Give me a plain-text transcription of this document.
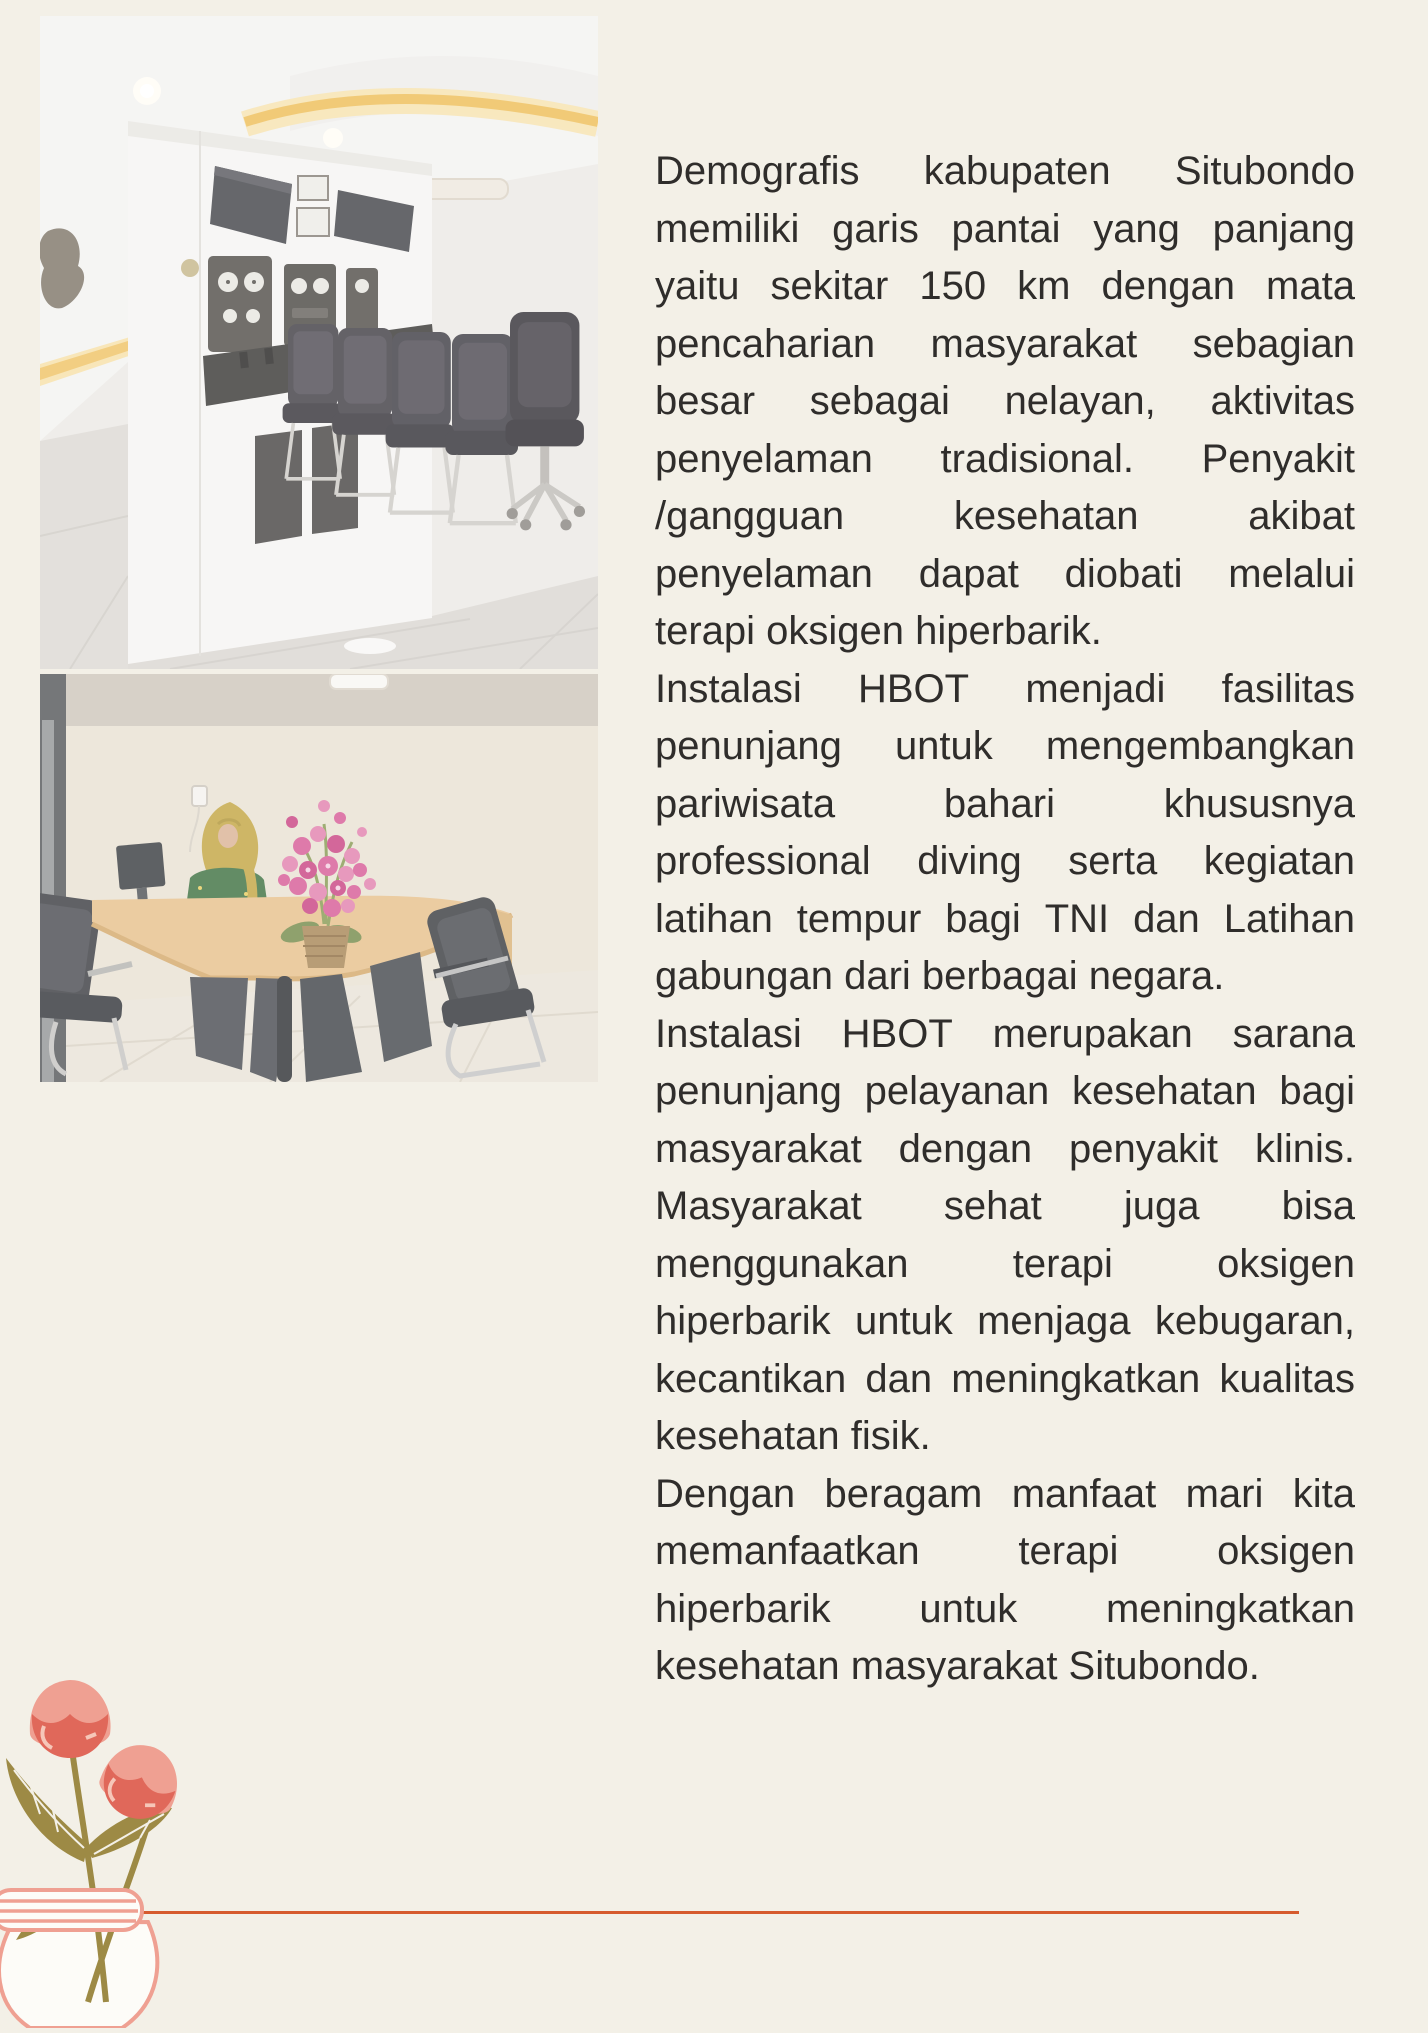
Demografis kabupaten Situbondo
memiliki garis pantai yang panjang
yaitu sekitar 150 km dengan mata
pencaharian masyarakat sebagian
besar sebagai nelayan, aktivitas
penyelaman tradisional. Penyakit
/gangguan	kesehatan	akibat
penyelaman dapat diobati melalui
terapi oksigen hiperbarik.
Instalasi HBOT menjadi fasilitas
penunjang untuk mengembangkan
pariwisata	bahari	khususnya
professional diving serta kegiatan
latihan tempur bagi TNI dan Latihan
gabungan dari berbagai negara.
Instalasi HBOT merupakan sarana
penunjang pelayanan kesehatan bagi
masyarakat dengan penyakit klinis.
Masyarakat sehat juga bisa
menggunakan	terapi	oksigen
hiperbarik untuk menjaga kebugaran,
kecantikan dan meningkatkan kualitas
kesehatan fisik.
Dengan beragam manfaat mari kita
memanfaatkan terapi oksigen
hiperbarik untuk meningkatkan
kesehatan masyarakat Situbondo.
